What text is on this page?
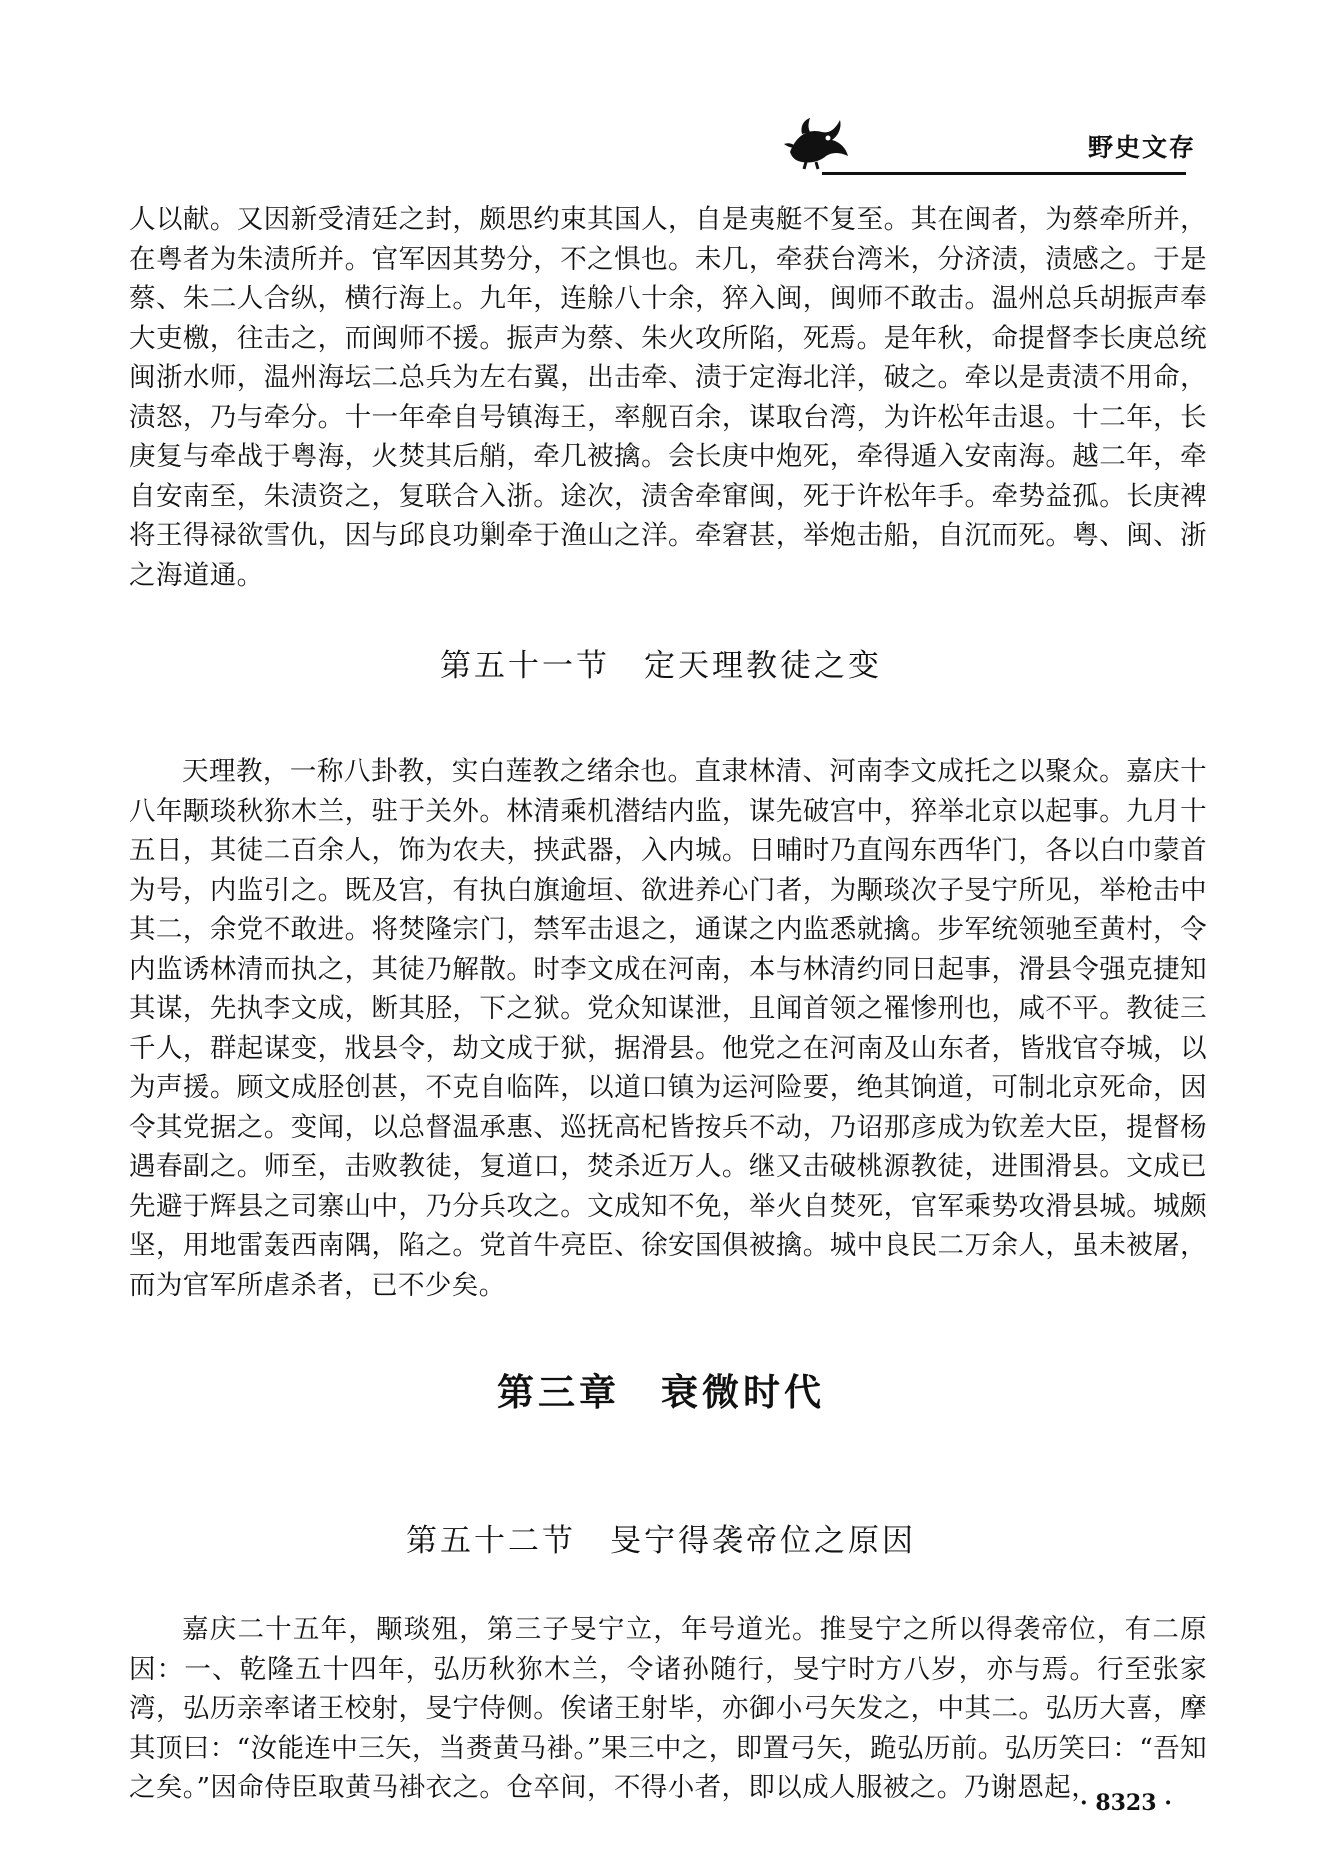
野史文存

人以献。又因新受清廷之封，颇思约束其国人，自是夷艇不复至。其在闽者，为蔡牵所并，在粤者为朱渍所并。官军因其势分，不之惧也。未几，牵获台湾米，分济渍，渍感之。于是蔡、朱二人合纵，横行海上。九年，连艅八十余，猝入闽，闽师不敢击。温州总兵胡振声奉大吏檄，往击之，而闽师不援。振声为蔡、朱火攻所陷，死焉。是年秋，命提督李长庚总统闽浙水师，温州海坛二总兵为左右翼，出击牵、渍于定海北洋，破之。牵以是责渍不用命，渍怒，乃与牵分。十一年牵自号镇海王，率舰百余，谋取台湾，为许松年击退。十二年，长庚复与牵战于粤海，火焚其后艄，牵几被擒。会长庚中炮死，牵得遁入安南海。越二年，牵自安南至，朱渍资之，复联合入浙。途次，渍舍牵窜闽，死于许松年手。牵势益孤。长庚裨将王得禄欲雪仇，因与邱良功剿牵于渔山之洋。牵窘甚，举炮击船，自沉而死。粤、闽、浙之海道通。

第五十一节　定天理教徒之变

天理教，一称八卦教，实白莲教之绪余也。直隶林清、河南李文成托之以聚众。嘉庆十八年颙琰秋狝木兰，驻于关外。林清乘机潜结内监，谋先破宫中，猝举北京以起事。九月十五日，其徒二百余人，饰为农夫，挟武器，入内城。日晡时乃直闯东西华门，各以白巾蒙首为号，内监引之。既及宫，有执白旗逾垣、欲进养心门者，为颙琰次子旻宁所见，举枪击中其二，余党不敢进。将焚隆宗门，禁军击退之，通谋之内监悉就擒。步军统领驰至黄村，令内监诱林清而执之，其徒乃解散。时李文成在河南，本与林清约同日起事，滑县令强克捷知其谋，先执李文成，断其胫，下之狱。党众知谋泄，且闻首领之罹惨刑也，咸不平。教徒三千人，群起谋变，戕县令，劫文成于狱，据滑县。他党之在河南及山东者，皆戕官夺城，以为声援。顾文成胫创甚，不克自临阵，以道口镇为运河险要，绝其饷道，可制北京死命，因令其党据之。变闻，以总督温承惠、巡抚高杞皆按兵不动，乃诏那彦成为钦差大臣，提督杨遇春副之。师至，击败教徒，复道口，焚杀近万人。继又击破桃源教徒，进围滑县。文成已先避于辉县之司寨山中，乃分兵攻之。文成知不免，举火自焚死，官军乘势攻滑县城。城颇坚，用地雷轰西南隅，陷之。党首牛亮臣、徐安国俱被擒。城中良民二万余人，虽未被屠，而为官军所虐杀者，已不少矣。

第三章　衰微时代
第五十二节　旻宁得袭帝位之原因

嘉庆二十五年，颙琰殂，第三子旻宁立，年号道光。推旻宁之所以得袭帝位，有二原因：一、乾隆五十四年，弘历秋狝木兰，令诸孙随行，旻宁时方八岁，亦与焉。行至张家湾，弘历亲率诸王校射，旻宁侍侧。俟诸王射毕，亦御小弓矢发之，中其二。弘历大喜，摩其顶曰：“汝能连中三矢，当赉黄马褂。”果三中之，即置弓矢，跪弘历前。弘历笑曰：“吾知之矣。”因命侍臣取黄马褂衣之。仓卒间，不得小者，即以成人服被之。乃谢恩起，

· 8323 ·
